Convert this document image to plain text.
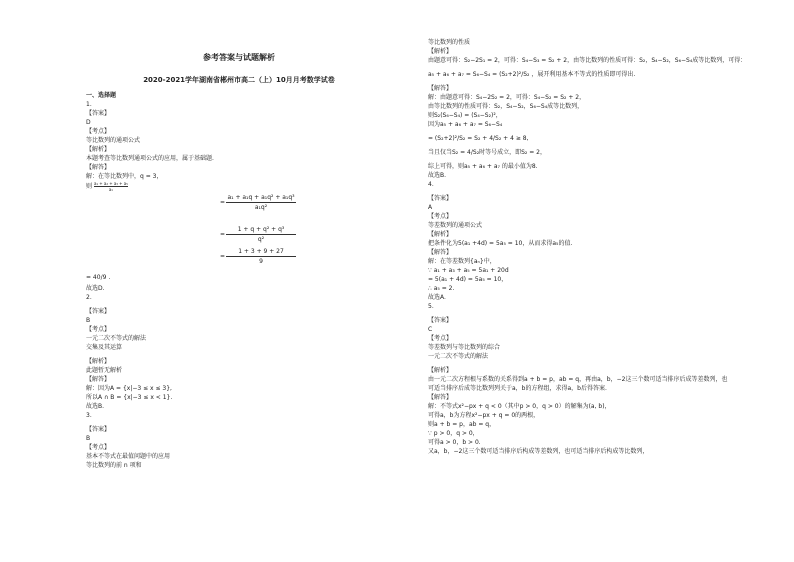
参考答案与试题解析
2020-2021学年湖南省郴州市高二（上）10月月考数学试卷
一、选择题
1.
【答案】
D
【考点】
等比数列的通项公式
【解析】
本题考查等比数列通项公式的应用，属于基础题.
【解答】
解：在等比数列中，q = 3，
则 $\frac{\text{a₁ + a₂ + a₃ + a₅}}{\text{a₁}}$
= $\frac{\text{a₁ + a₁q + a₁q² + a₁q³}}{\text{a₁q²}}$
= $\frac{\text{1 + q + q² + q³}}{\text{q²}}$
= $\frac{1 + 3 + 9 + 27}{9}$
= 40/9 .
故选D.
2.
【答案】
B
【考点】
一元二次不等式的解法
交集及其运算
【解析】
此题暂无解析
【解答】
解：因为A = {x|−3 ≤ x ≤ 3},
所以A ∩ B = {x|−3 ≤ x < 1}.
故选B.
3.
【答案】
B
【考点】
基本不等式在最值问题中的应用
等比数列的前 n 项和
等比数列的性质
【解析】
由题意可得：S₂−2S₁ = 2，可得：S₄−S₃ = S₂ + 2，由等比数列的性质可得：S₂，S₄−S₂，S₆−S₄成等比数列，可得：
a₅ + a₆ + a₇ = S₆−S₄ = (S₂+2)²/S₂ ，展开利用基本不等式的性质即可得出.
【解答】
解：由题意可得：S₄−2S₂ = 2，可得：S₄−S₂ = S₂ + 2，
由等比数列的性质可得：S₂，S₄−S₂，S₆−S₄成等比数列，
则S₂(S₆−S₄) = (S₄−S₂)²，
因为a₅ + a₆ + a₇ = S₆−S₄
= (S₂+2)²/S₂ = S₂ + 4/S₂ + 4 ≥ 8,
当且仅当S₂ = 4/S₂时等号成立，即S₂ = 2，
综上可得，则a₅ + a₆ + a₇ 的最小值为8.
故选B.
4.
【答案】
A
【考点】
等差数列的通项公式
【解析】
把条件化为5(a₁ +4d) = 5a₅ = 10，从而求得a₅的值.
【解答】
解：在等差数列{aₙ}中，
∵ a₁ + a₃ + a₅ = 5a₁ + 20d
= 5(a₁ + 4d) = 5a₅ = 10，
∴ a₅ = 2.
故选A.
5.
【答案】
C
【考点】
等差数列与等比数列的综合
一元二次不等式的解法
【解析】
由一元二次方程根与系数的关系得到a + b = p，ab = q，再由a，b，−2这三个数可适当排序后成等差数列，也
可适当排序后成等比数列列关于a，b的方程组，求得a，b后得答案.
【解答】
解：不等式x²−px + q < 0（其中p > 0，q > 0）的解集为(a, b)，
可得a，b为方程x²−px + q = 0的两根，
则a + b = p，ab = q，
∵ p > 0，q > 0，
可得a > 0，b > 0.
又a，b，−2这三个数可适当排序后构成等差数列，也可适当排序后构成等比数列，
